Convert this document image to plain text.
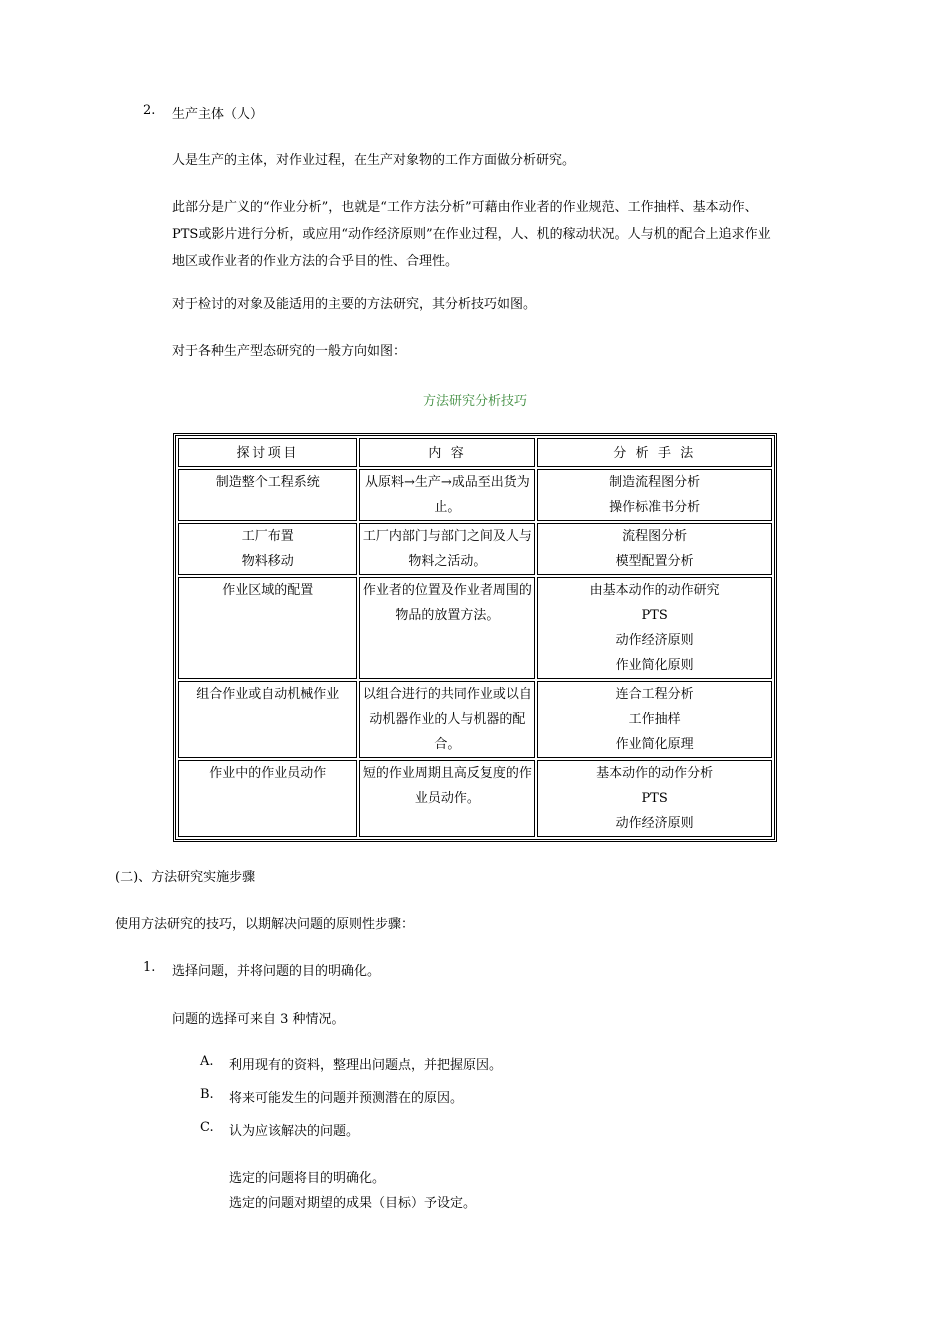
2. 生产主体（人）

人是生产的主体，对作业过程，在生产对象物的工作方面做分析研究。

此部分是广义的“作业分析”，也就是“工作方法分析”可藉由作业者的作业规范、工作抽样、基本动作、PTS或影片进行分析，或应用“动作经济原则”在作业过程，人、机的稼动状况。人与机的配合上追求作业地区或作业者的作业方法的合乎目的性、合理性。

对于检讨的对象及能适用的主要的方法研究，其分析技巧如图。

对于各种生产型态研究的一般方向如图：

方法研究分析技巧
探讨项目	内 容	分 析 手 法

制造整个工程系统	从原料→生产→成品至出货为止。	制造流程图分析
操作标准书分析

工厂布置
物料移动	工厂内部门与部门之间及人与物料之活动。	流程图分析
模型配置分析

作业区域的配置	作业者的位置及作业者周围的物品的放置方法。	由基本动作的动作研究
PTS
动作经济原则
作业简化原则

组合作业或自动机械作业	以组合进行的共同作业或以自动机器作业的人与机器的配合。	连合工程分析
工作抽样
作业简化原理

作业中的作业员动作	短的作业周期且高反复度的作业员动作。	基本动作的动作分析
PTS
动作经济原则
(二)、方法研究实施步骤
使用方法研究的技巧，以期解决问题的原则性步骤：
1. 选择问题，并将问题的目的明确化。
问题的选择可来自 3 种情况。
A. 利用现有的资料，整理出问题点，并把握原因。
B. 将来可能发生的问题并预测潜在的原因。
C. 认为应该解决的问题。
选定的问题将目的明确化。
选定的问题对期望的成果（目标）予设定。
